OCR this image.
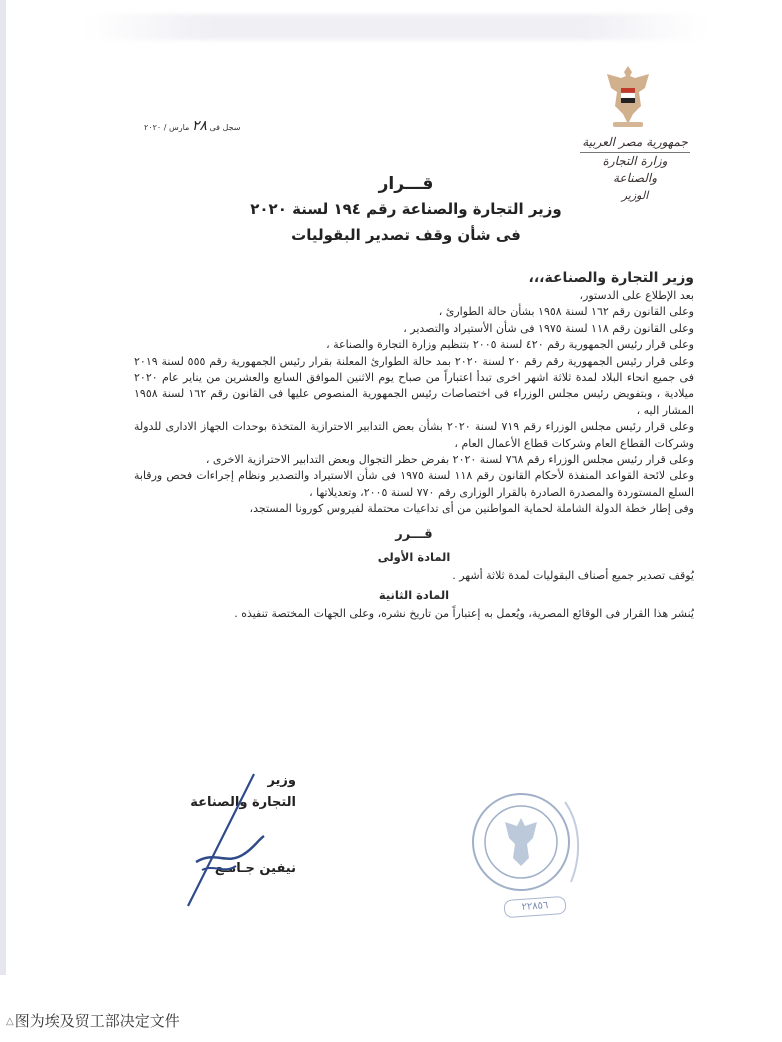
جمهورية مصر العربية
وزارة التجارة والصناعة
الوزير
سجل فى ٢٨ مارس / ٢٠٢٠
قـــرار
وزير التجارة والصناعة رقم ١٩٤ لسنة ٢٠٢٠
فى شأن وقف تصدير البقوليات
وزير التجارة والصناعة،،،

بعد الإطلاع على الدستور،

وعلى القانون رقم ١٦٢ لسنة ١٩٥٨ بشأن حالة الطوارئ ،

وعلى القانون رقم ١١٨ لسنة ١٩٧٥ فى شأن الأستيراد والتصدير ،

وعلى قرار رئيس الجمهورية رقم ٤٢٠ لسنة ٢٠٠٥ بتنظيم وزارة التجارة والصناعة ،

وعلى قرار رئيس الجمهورية رقم رقم ٢٠ لسنة ٢٠٢٠ بمد حالة الطوارئ المعلنة بقرار رئيس الجمهورية رقم ٥٥٥ لسنة ٢٠١٩ فى جميع انحاء البلاد لمدة ثلاثة اشهر اخرى تبدأ اعتباراً من صباح يوم الاثنين الموافق السابع والعشرين من يناير عام ٢٠٢٠ ميلادية ، وبتفويض رئيس مجلس الوزراء فى اختصاصات رئيس الجمهورية المنصوص عليها فى القانون رقم ١٦٢ لسنة ١٩٥٨ المشار اليه ،

وعلى قرار رئيس مجلس الوزراء رقم ٧١٩ لسنة ٢٠٢٠ بشأن بعض التدابير الاحترازية المتخذة بوحدات الجهاز الادارى للدولة وشركات القطاع العام وشركات قطاع الأعمال العام ،

وعلى قرار رئيس مجلس الوزراء رقم ٧٦٨ لسنة ٢٠٢٠ بفرض حظر التجوال وبعض التدابير الاحترازية الاخرى ،

وعلى لائحة القواعد المنفذة لأحكام القانون رقم ١١٨ لسنة ١٩٧٥ فى شأن الاستيراد والتصدير ونظام إجراءات فحص ورقابة السلع المستوردة والمصدرة الصادرة بالقرار الوزارى رقم ٧٧٠ لسنة ٢٠٠٥، وتعديلاتها ،

وفى إطار خطة الدولة الشاملة لحماية المواطنين من أى تداعيات محتملة لفيروس كورونا المستجد،

قـــرر

المادة الأولى

يُوقف تصدير جميع أصناف البقوليات لمدة ثلاثة أشهر .

المادة الثانية

يُنشر هذا القرار فى الوقائع المصرية، ويُعمل به إعتباراً من تاريخ نشره، وعلى الجهات المختصة تنفيذه .

وزير
التجارة والصناعة
نيفين جـامـع
٢٢٨٥٦
△图为埃及贸工部决定文件
